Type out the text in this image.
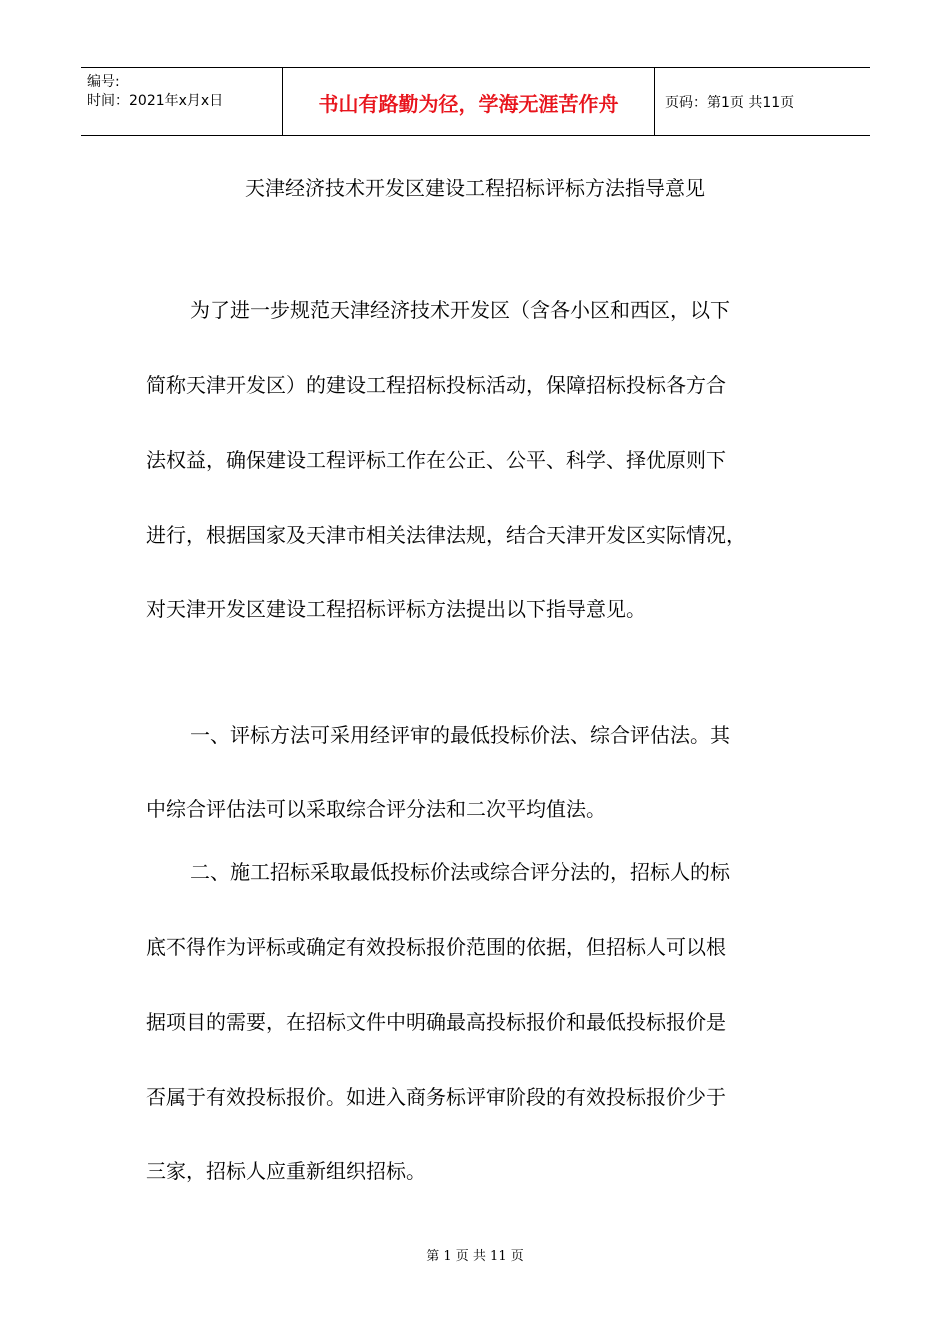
编号:
时间：2021年x月x日	书山有路勤为径，学海无涯苦作舟	页码：第1页 共11页
天津经济技术开发区建设工程招标评标方法指导意见
为了进一步规范天津经济技术开发区（含各小区和西区，以下
简称天津开发区）的建设工程招标投标活动，保障招标投标各方合
法权益，确保建设工程评标工作在公正、公平、科学、择优原则下
进行，根据国家及天津市相关法律法规，结合天津开发区实际情况，
对天津开发区建设工程招标评标方法提出以下指导意见。
一、评标方法可采用经评审的最低投标价法、综合评估法。其
中综合评估法可以采取综合评分法和二次平均值法。
二、施工招标采取最低投标价法或综合评分法的，招标人的标
底不得作为评标或确定有效投标报价范围的依据，但招标人可以根
据项目的需要，在招标文件中明确最高投标报价和最低投标报价是
否属于有效投标报价。如进入商务标评审阶段的有效投标报价少于
三家，招标人应重新组织招标。
第 1 页 共 11 页
